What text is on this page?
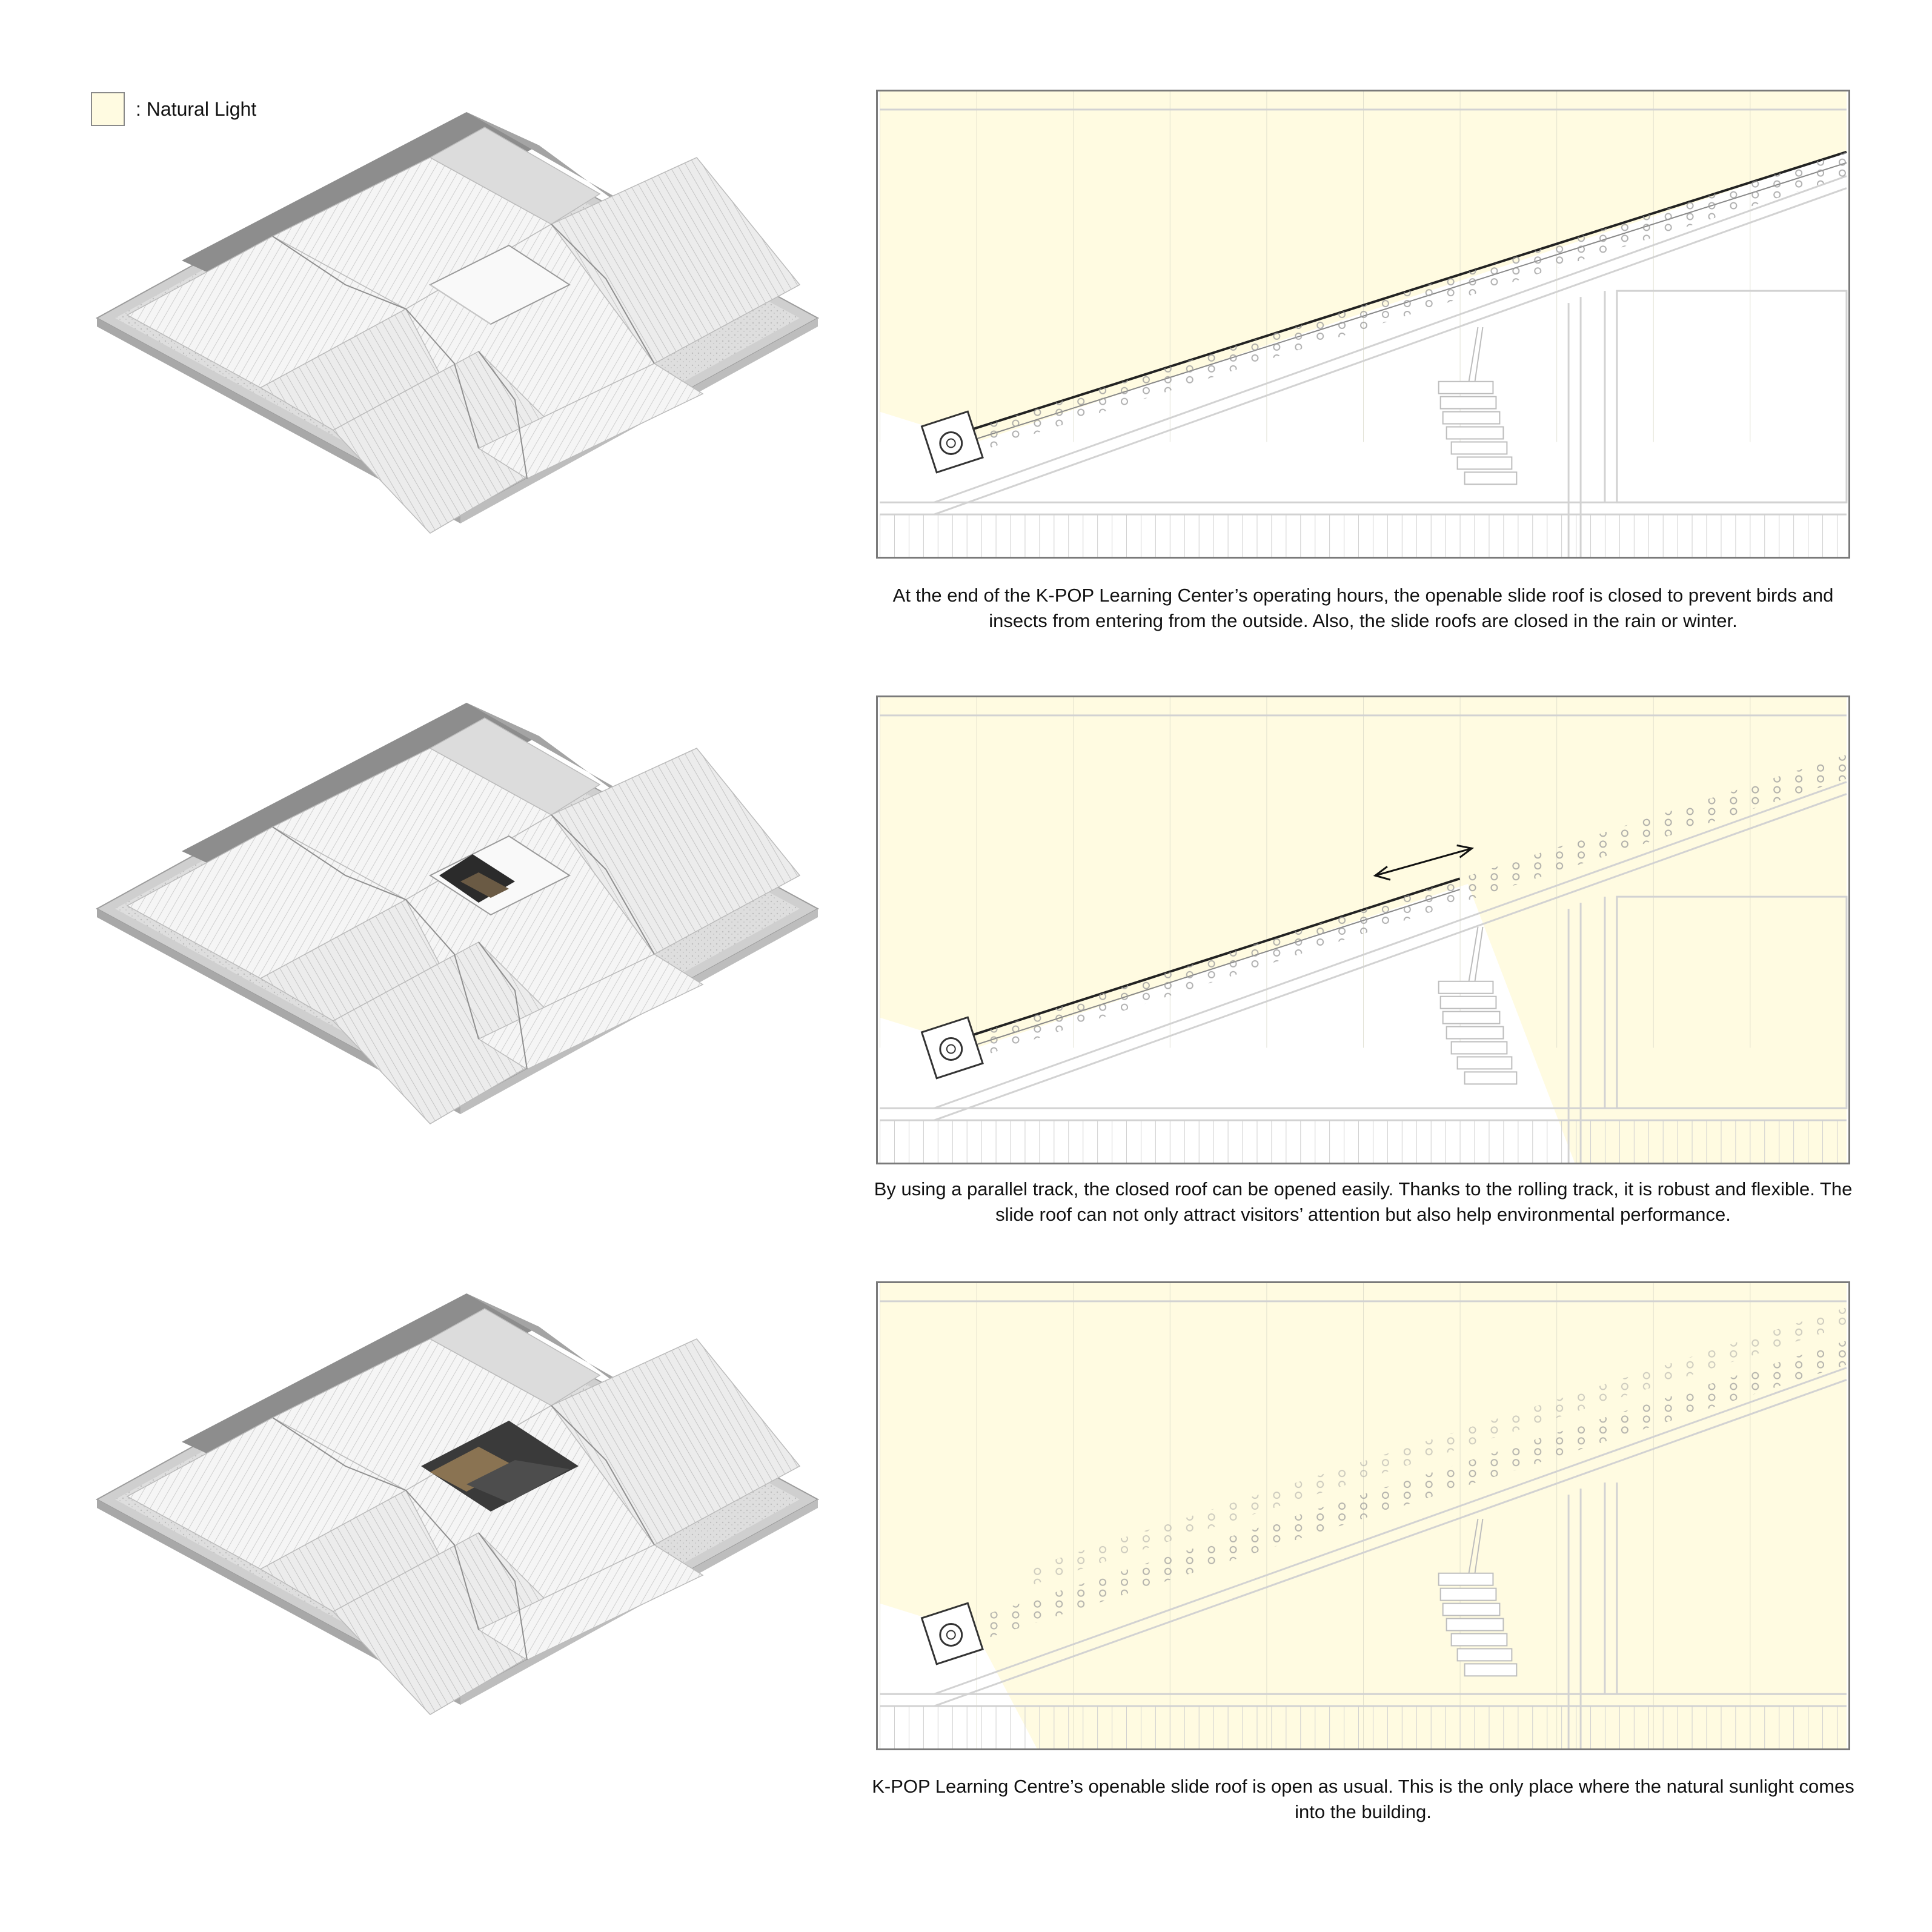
: Natural Light
At the end of the K-POP Learning Center’s operating hours, the openable slide roof is closed to prevent birds and insects from entering from the outside. Also, the slide roofs are closed in the rain or winter.
By using a parallel track, the closed roof can be opened easily. Thanks to the rolling track, it is robust and flexible. The slide roof can not only attract visitors’ attention but also help environmental performance.
K-POP Learning Centre’s openable slide roof is open as usual. This is the only place where the natural sunlight comes into the building.
